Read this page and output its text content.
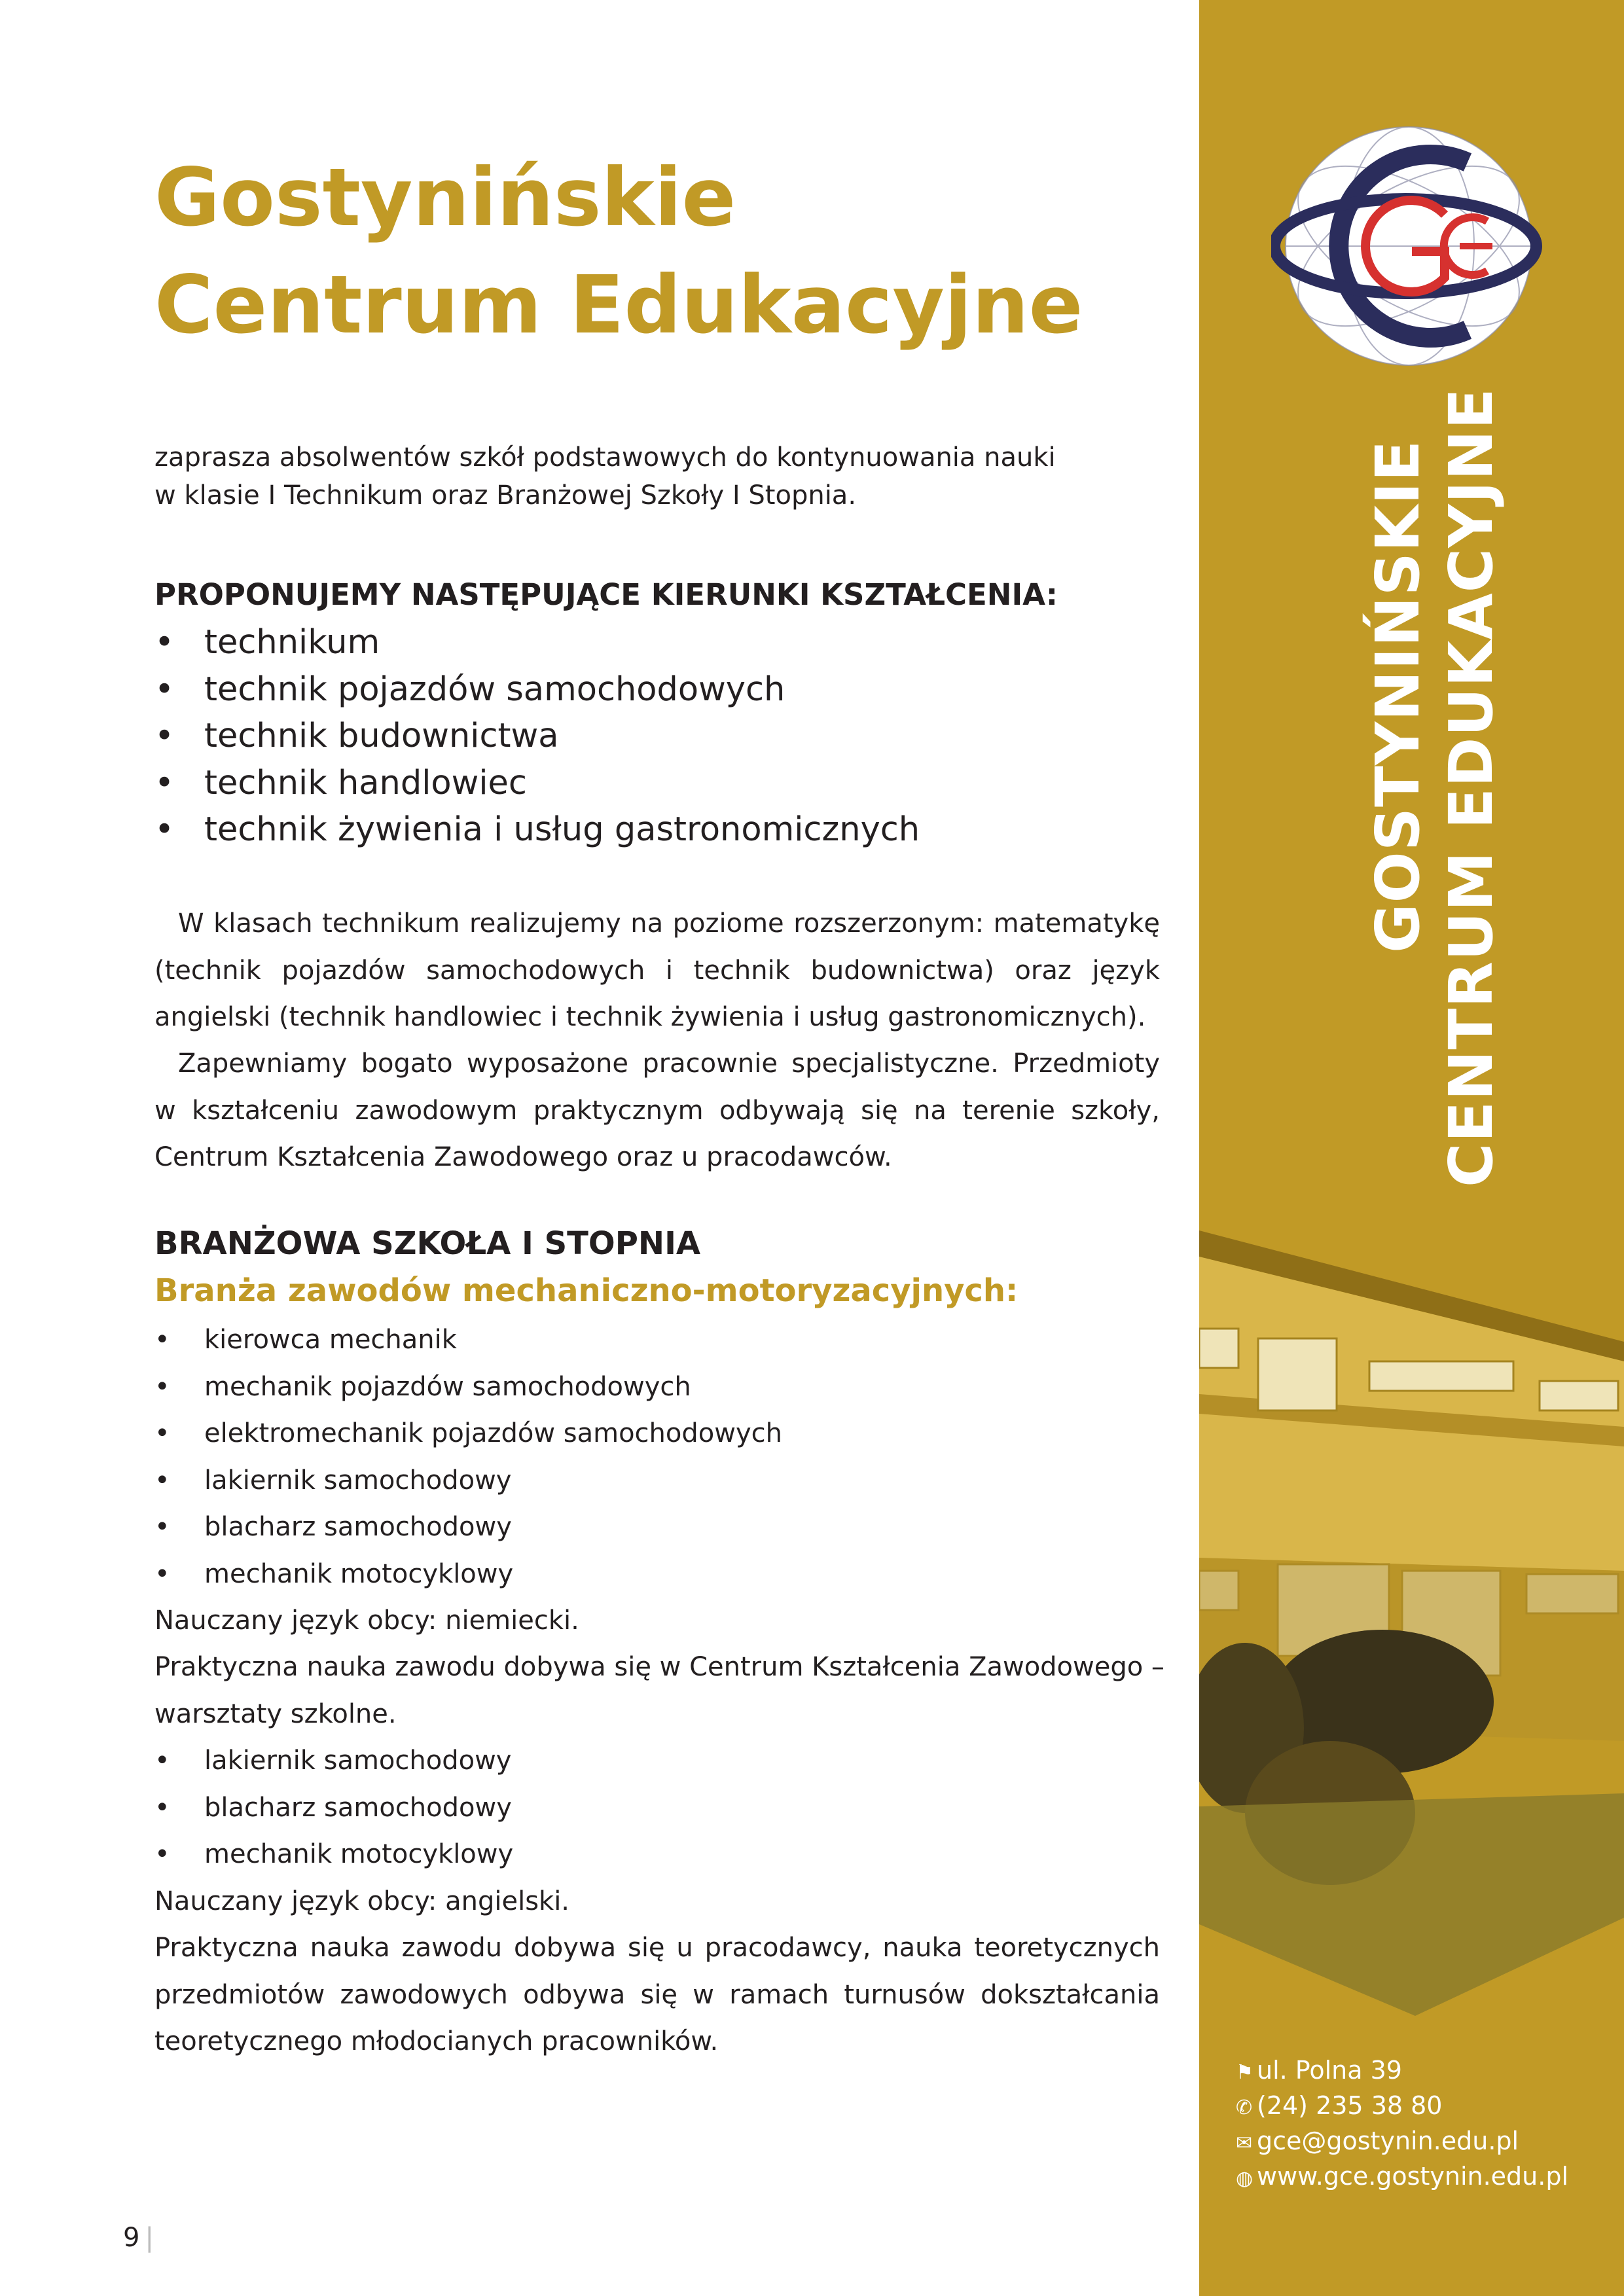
Gostynińskie Centrum Edukacyjne
zaprasza absolwentów szkół podstawowych do kontynuowania nauki
w klasie I Technikum oraz Branżowej Szkoły I Stopnia.
PROPONUJEMY NASTĘPUJĄCE KIERUNKI KSZTAŁCENIA:
• technikum
• technik pojazdów samochodowych
• technik budownictwa
• technik handlowiec
• technik żywienia i usług gastronomicznych
W klasach technikum realizujemy na poziome rozszerzonym: matematykę (technik pojazdów samochodowych i technik budownictwa) oraz język angielski (technik handlowiec i technik żywienia i usług gastronomicznych).
Zapewniamy bogato wyposażone pracownie specjalistyczne. Przedmioty w kształceniu zawodowym praktycznym odbywają się na terenie szkoły, Centrum Kształcenia Zawodowego oraz u pracodawców.
BRANŻOWA SZKOŁA I STOPNIA
Branża zawodów mechaniczno-motoryzacyjnych:
• kierowca mechanik
• mechanik pojazdów samochodowych
• elektromechanik pojazdów samochodowych
• lakiernik samochodowy
• blacharz samochodowy
• mechanik motocyklowy
Nauczany język obcy: niemiecki.
Praktyczna nauka zawodu dobywa się w Centrum Kształcenia Zawodowego – warsztaty szkolne.
• lakiernik samochodowy
• blacharz samochodowy
• mechanik motocyklowy
Nauczany język obcy: angielski.
Praktyczna nauka zawodu dobywa się u pracodawcy, nauka teoretycznych przedmiotów zawodowych odbywa się w ramach turnusów dokształcania teoretycznego młodocianych pracowników.
9 |
GOSTYNIŃSKIE CENTRUM EDUKACYJNE
⚑ ul. Polna 39
✆ (24) 235 38 80
✉ gce@gostynin.edu.pl
◍ www.gce.gostynin.edu.pl
